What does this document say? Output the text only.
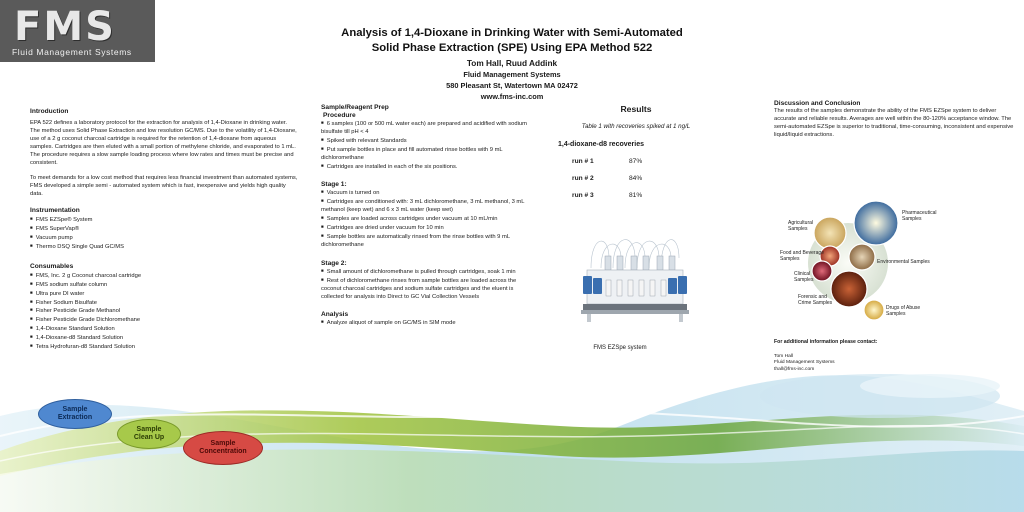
FMS
Fluid Management Systems
Analysis of 1,4-Dioxane in Drinking Water with Semi-Automated
Solid Phase Extraction (SPE) Using EPA Method 522
Tom Hall, Ruud Addink
Fluid Management Systems
580 Pleasant St, Watertown MA 02472
www.fms-inc.com
Introduction

EPA 522 defines a laboratory protocol for the extraction for analysis of 1,4-Dioxane in drinking water. The method uses Solid Phase Extraction and low resolution GC/MS. Due to the volatility of 1,4-Dioxane, use of a 2 g coconut charcoal cartridge is required for the retention of 1,4-dioxane from aqueous samples. Cartridges are then eluted with a small portion of methylene chloride, and evaporated to 1 mL. The procedure requires a slow sample loading process where low rates and times must be precise and consistent.

To meet demands for a low cost method that requires less financial investment than automated systems, FMS developed a simple semi - automated system which is fast, inexpensive and yields high quality data.

Instrumentation
■ FMS EZSpe® System
■ FMS SuperVap®
■ Vacuum pump
■ Thermo DSQ Single Quad GC/MS
Consumables
■ FMS, Inc. 2 g Coconut charcoal cartridge
■ FMS sodium sulfate column
■ Ultra pure DI water
■ Fisher Sodium Bisulfate
■ Fisher Pesticide Grade Methanol
■ Fisher Pesticide Grade Dichloromethane
■ 1,4-Dioxane Standard Solution
■ 1,4-Dioxane-d8 Standard Solution
■ Tetra Hydrofuran-d8 Standard Solution
Sample/Reagent Prep
Procedure
■ 6 samples (100 or 500 mL water each) are prepared and acidified with sodium bisulfate till pH < 4
■ Spiked with relevant Standards
■ Put sample bottles in place and fill automated rinse bottles with 9 mL dichloromethane
■ Cartridges are installed in each of the six positions.
Stage 1:
■ Vacuum is turned on
■ Cartridges are conditioned with: 3 mL dichloromethane, 3 mL methanol, 3 mL methanol (keep wet) and 6 x 3 mL water (keep wet)
■ Samples are loaded across cartridges under vacuum at 10 mL/min
■ Cartridges are dried under vacuum for 10 min
■ Sample bottles are automatically rinsed from the rinse bottles with 9 mL dichloromethane
Stage 2:
■ Small amount of dichloromethane is pulled through cartridges, soak 1 min
■ Rest of dichloromethane rinses from sample bottles are loaded across the coconut charcoal cartridges and sodium sulfate cartridges and the eluent is collected for analysis into Direct to GC Vial Collection Vessels
Analysis
■ Analyze aliquot of sample on GC/MS in SIM mode
Results
Table 1 with recoveries spiked at 1 ng/L
1,4-dioxane-d8 recoveries
run # 1	87%
run # 2	84%
run # 3	81%
FMS EZSpe system
Discussion and Conclusion

The results of the samples demonstrate the ability of the FMS EZSpe system to deliver accurate and reliable results. Averages are well within the 80-120% acceptance window. The semi-automated EZSpe is superior to traditional, time-consuming, inconsistent and expensive liquid/liquid extractions.

Agricultural
Samples
Pharmaceutical
Samples
Food and Beverage
Samples	Environmental Samples
Clinical
Samples
Forensic and
Crime Samples
Drugs of Abuse
Samples
For additional information please contact:
Tom Hall
Fluid Management Systems
thall@fms-inc.com
Sample
Extraction
Sample
Clean Up
Sample
Concentration
